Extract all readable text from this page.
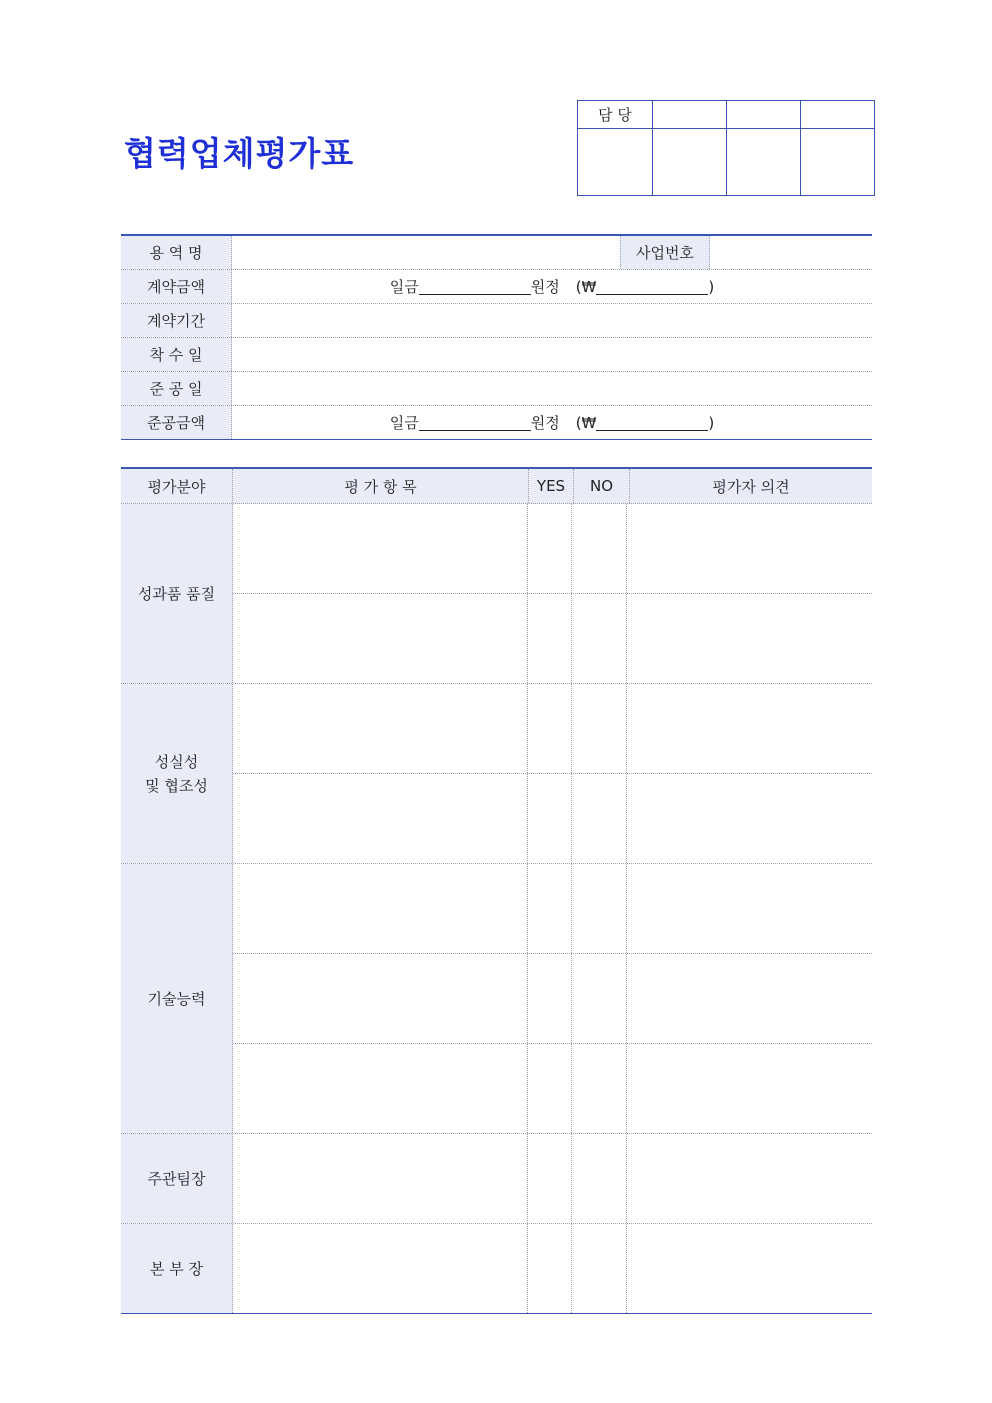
협력업체평가표
담 당			

용 역 명	사업번호
계약금액	일금	원정 (₩	)
계약기간
착 수 일
준 공 일
준공금액	일금	원정 (₩	)
평가분야	평 가 항 목	YES	NO	평가자 의견
성과품 품질
성실성
및 협조성
기술능력
주관팀장
본 부 장
